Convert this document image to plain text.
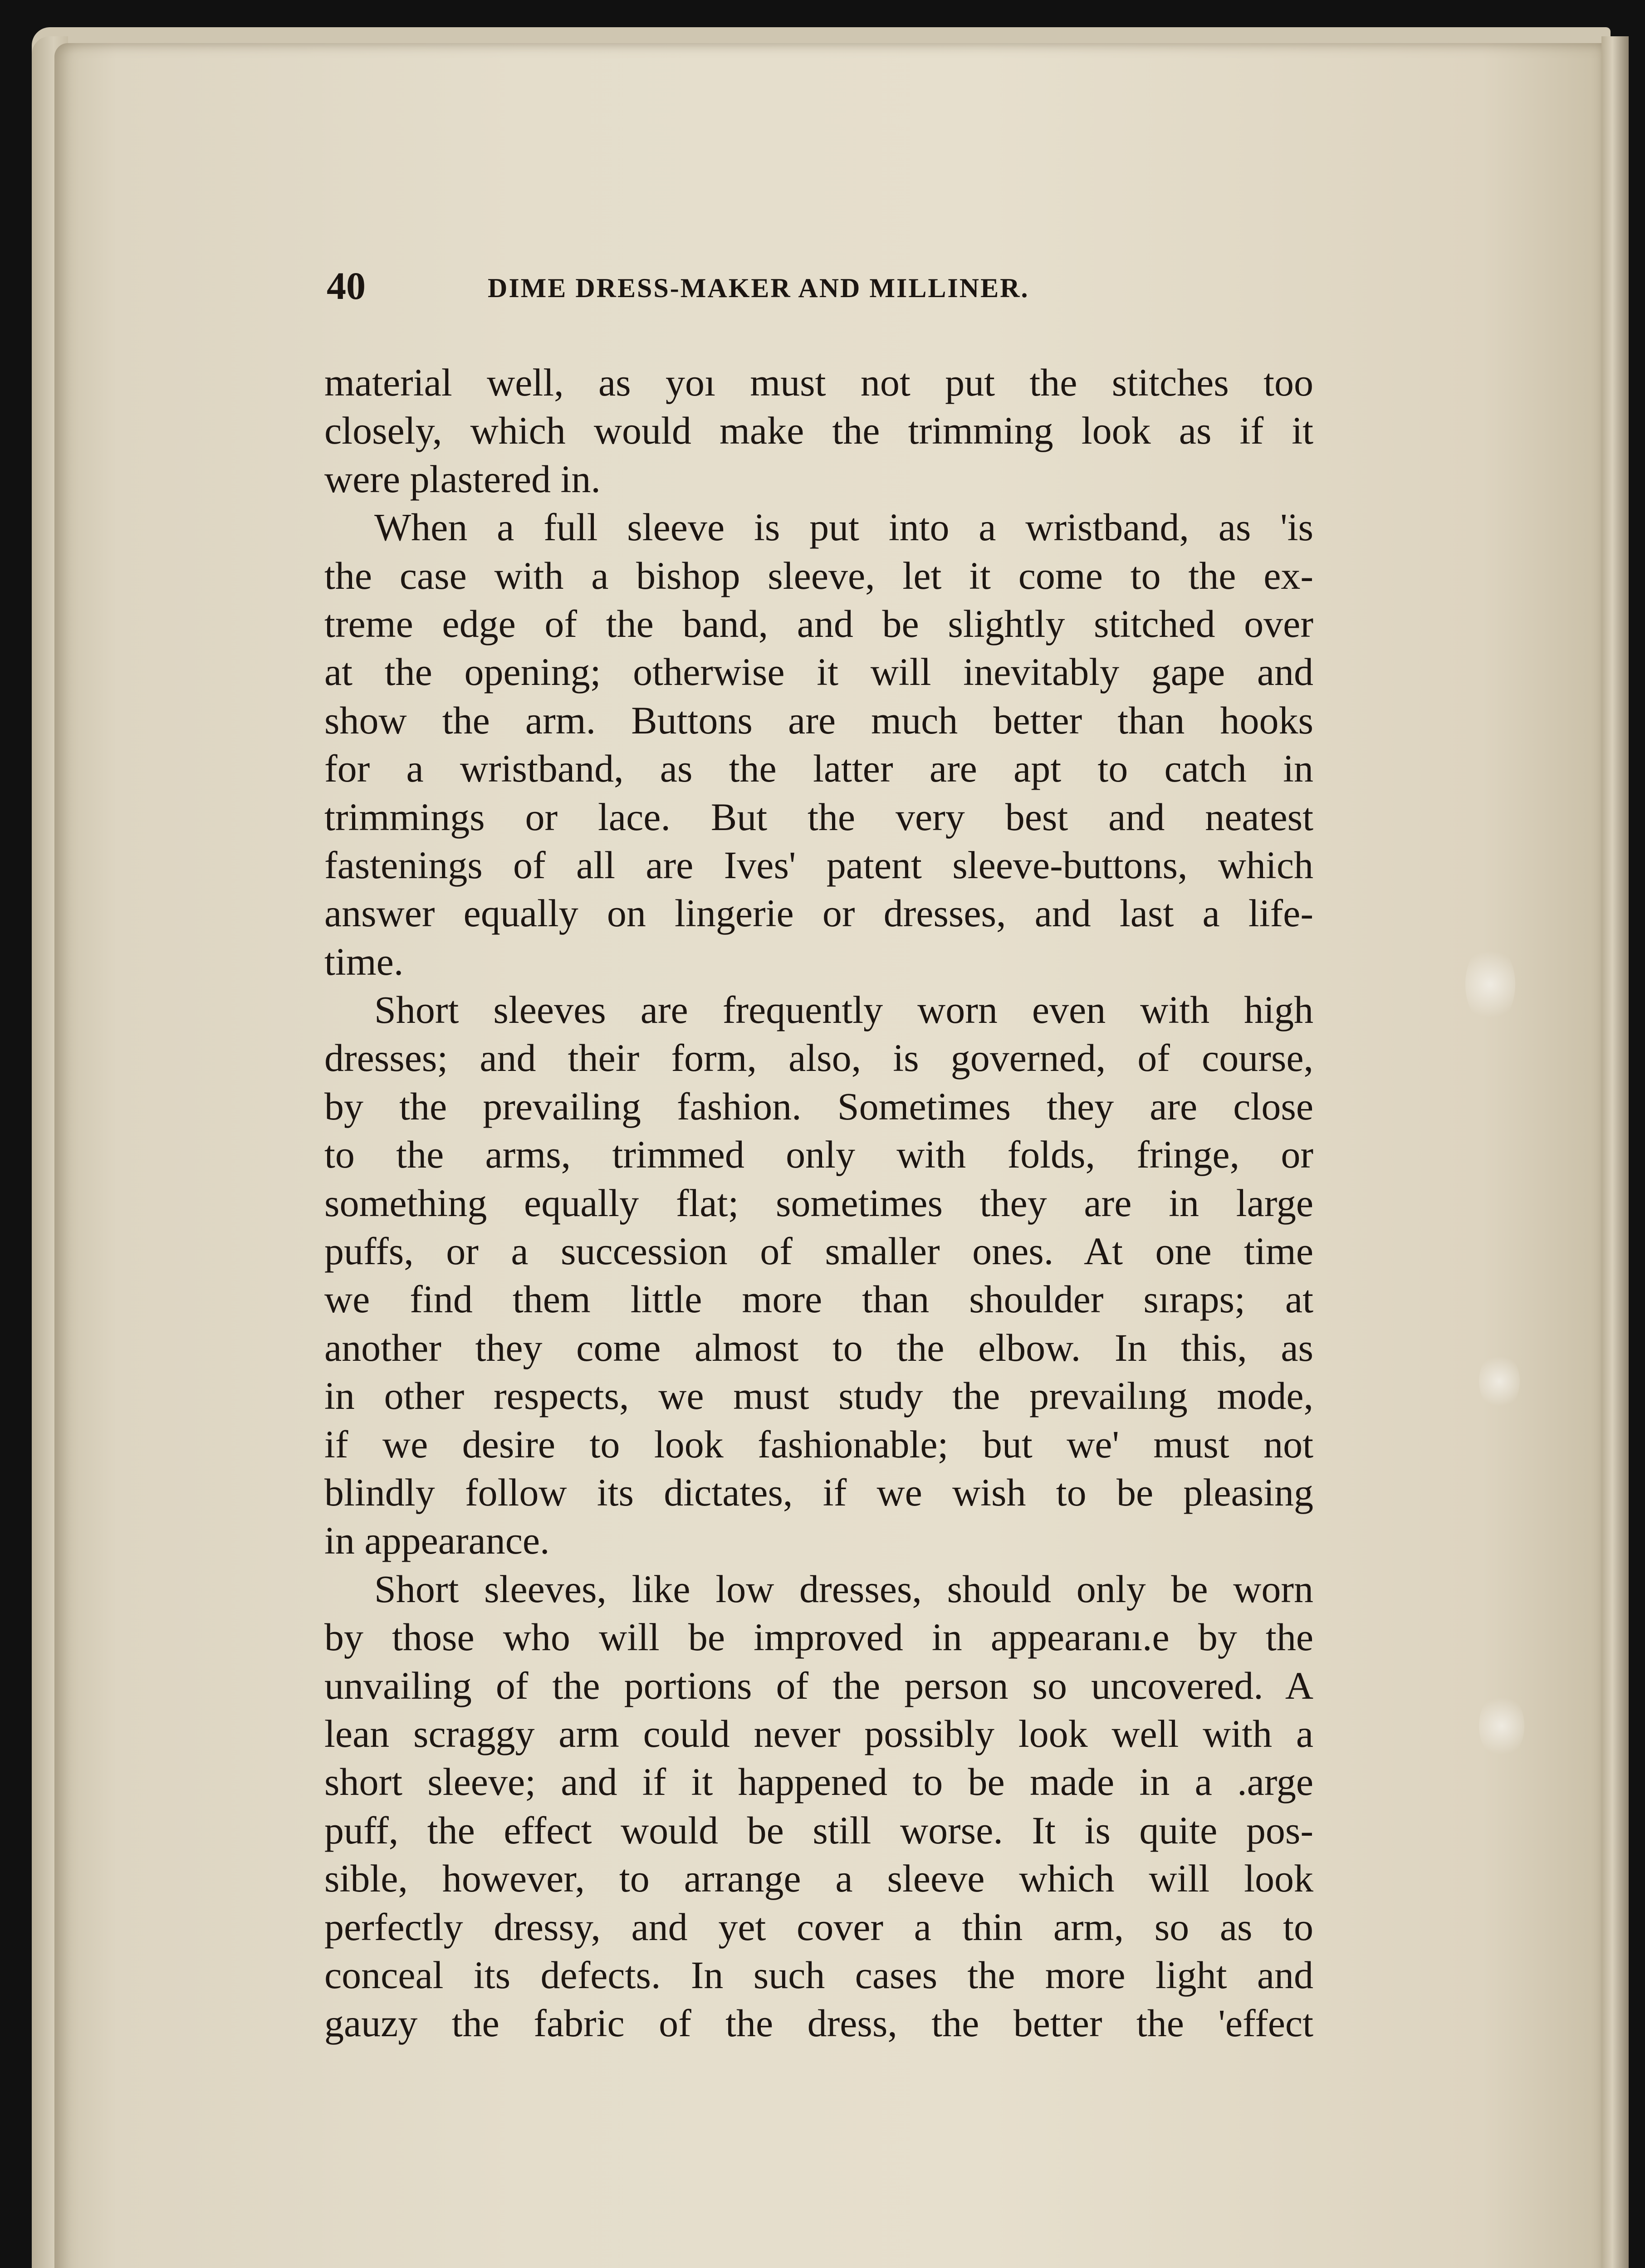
40	DIME DRESS-MAKER AND MILLINER.
material well, as yoı must not put the stitches too
closely, which would make the trimming look as if it
were plastered in.
When a full sleeve is put into a wristband, as 'is
the case with a bishop sleeve, let it come to the ex-
treme edge of the band, and be slightly stitched over
at the opening; otherwise it will inevitably gape and
show the arm. Buttons are much better than hooks
for a wristband, as the latter are apt to catch in
trimmings or lace. But the very best and neatest
fastenings of all are Ives' patent sleeve-buttons, which
answer equally on lingerie or dresses, and last a life-
time.
Short sleeves are frequently worn even with high
dresses; and their form, also, is governed, of course,
by the prevailing fashion. Sometimes they are close
to the arms, trimmed only with folds, fringe, or
something equally flat; sometimes they are in large
puffs, or a succession of smaller ones. At one time
we find them little more than shoulder sıraps; at
another they come almost to the elbow. In this, as
in other respects, we must study the prevailıng mode,
if we desire to look fashionable; but we' must not
blindly follow its dictates, if we wish to be pleasing
in appearance.
Short sleeves, like low dresses, should only be worn
by those who will be improved in appearanı.e by the
unvailing of the portions of the person so uncovered. A
lean scraggy arm could never possibly look well with a
short sleeve; and if it happened to be made in a .arge
puff, the effect would be still worse. It is quite pos-
sible, however, to arrange a sleeve which will look
perfectly dressy, and yet cover a thin arm, so as to
conceal its defects. In such cases the more light and
gauzy the fabric of the dress, the better the 'effect
